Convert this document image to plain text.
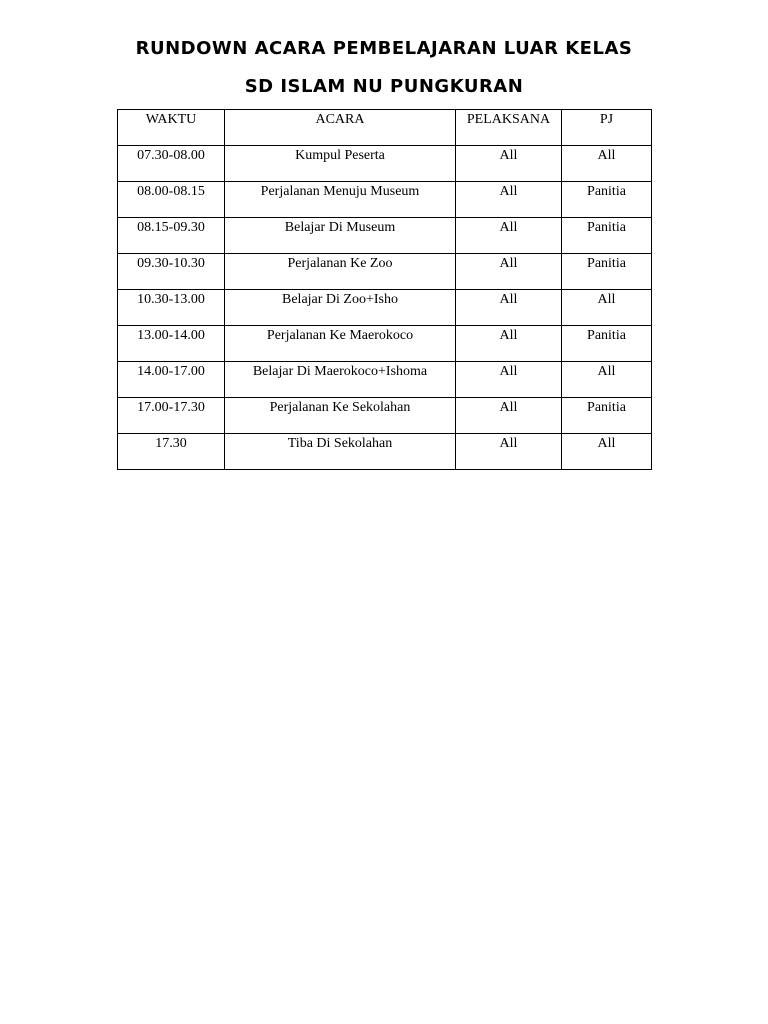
RUNDOWN ACARA PEMBELAJARAN LUAR KELAS
SD ISLAM NU PUNGKURAN
WAKTU	ACARA	PELAKSANA	PJ
07.30-08.00	Kumpul Peserta	All	All
08.00-08.15	Perjalanan Menuju Museum	All	Panitia
08.15-09.30	Belajar Di Museum	All	Panitia
09.30-10.30	Perjalanan Ke Zoo	All	Panitia
10.30-13.00	Belajar Di Zoo+Isho	All	All
13.00-14.00	Perjalanan Ke Maerokoco	All	Panitia
14.00-17.00	Belajar Di Maerokoco+Ishoma	All	All
17.00-17.30	Perjalanan Ke Sekolahan	All	Panitia
17.30	Tiba Di Sekolahan	All	All
